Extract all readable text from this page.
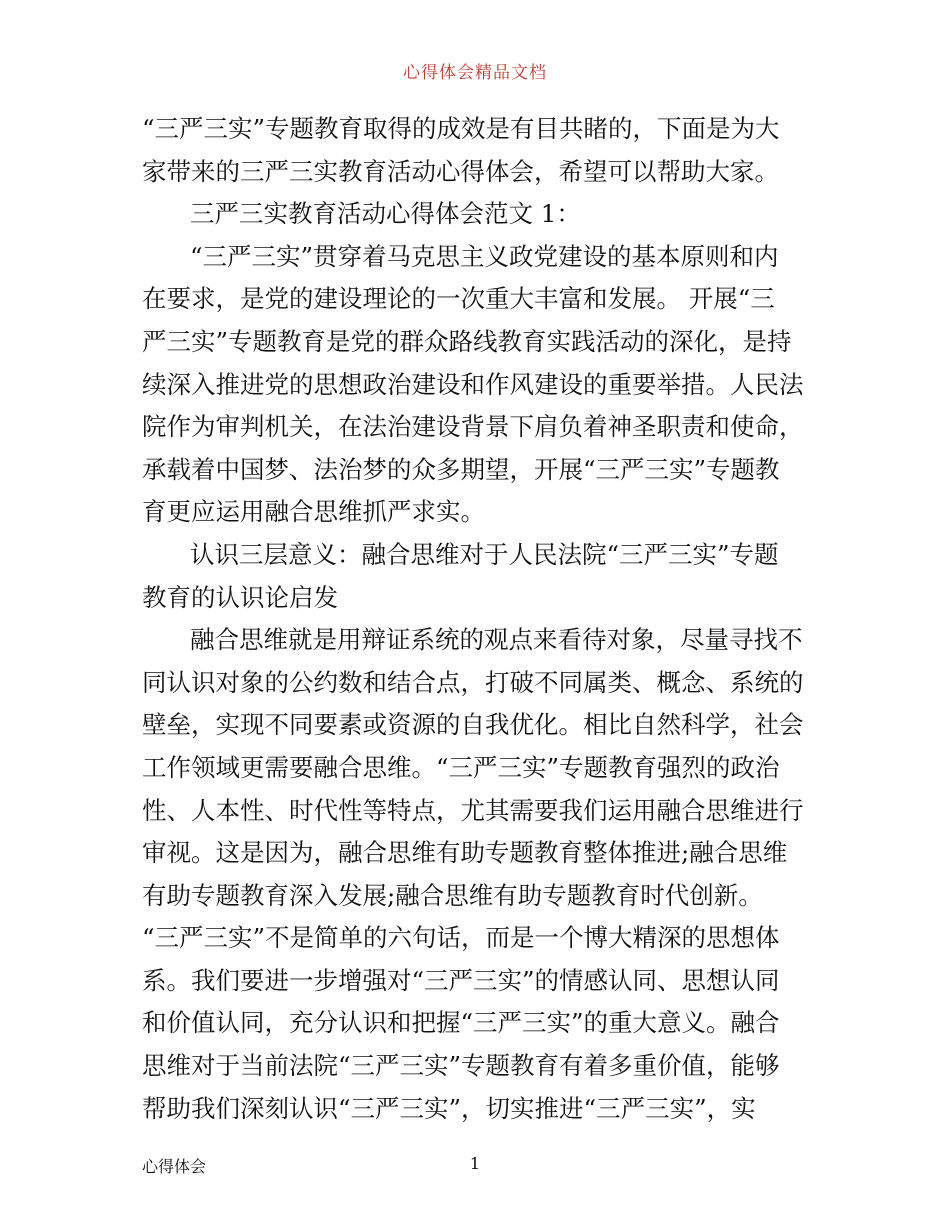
心得体会精品文档
“三严三实”专题教育取得的成效是有目共睹的，下面是为大
家带来的三严三实教育活动心得体会，希望可以帮助大家。
三严三实教育活动心得体会范文 1：
“三严三实”贯穿着马克思主义政党建设的基本原则和内
在要求，是党的建设理论的一次重大丰富和发展。 开展“三
严三实”专题教育是党的群众路线教育实践活动的深化，是持
续深入推进党的思想政治建设和作风建设的重要举措。人民法
院作为审判机关，在法治建设背景下肩负着神圣职责和使命，
承载着中国梦、法治梦的众多期望，开展“三严三实”专题教
育更应运用融合思维抓严求实。
认识三层意义：融合思维对于人民法院“三严三实”专题
教育的认识论启发
融合思维就是用辩证系统的观点来看待对象，尽量寻找不
同认识对象的公约数和结合点，打破不同属类、概念、系统的
壁垒，实现不同要素或资源的自我优化。相比自然科学，社会
工作领域更需要融合思维。“三严三实”专题教育强烈的政治
性、人本性、时代性等特点，尤其需要我们运用融合思维进行
审视。这是因为，融合思维有助专题教育整体推进;融合思维
有助专题教育深入发展;融合思维有助专题教育时代创新。
“三严三实”不是简单的六句话，而是一个博大精深的思想体
系。我们要进一步增强对“三严三实”的情感认同、思想认同
和价值认同，充分认识和把握“三严三实”的重大意义。融合
思维对于当前法院“三严三实”专题教育有着多重价值，能够
帮助我们深刻认识“三严三实”，切实推进“三严三实”，实
1
心得体会
